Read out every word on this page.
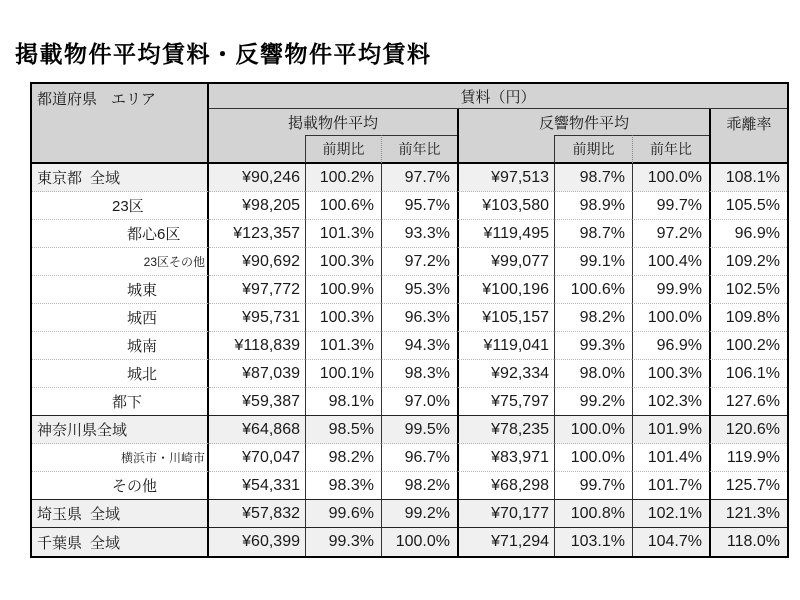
掲載物件平均賃料・反響物件平均賃料
都道府県 エリア	賃料（円）
掲載物件平均	反響物件平均	乖離率
前期比	前年比	前期比	前年比
東京都 全域	¥90,246	100.2%	97.7%	¥97,513	98.7%	100.0%	108.1%
23区	¥98,205	100.6%	95.7%	¥103,580	98.9%	99.7%	105.5%
都心6区	¥123,357	101.3%	93.3%	¥119,495	98.7%	97.2%	96.9%
23区その他	¥90,692	100.3%	97.2%	¥99,077	99.1%	100.4%	109.2%
城東	¥97,772	100.9%	95.3%	¥100,196	100.6%	99.9%	102.5%
城西	¥95,731	100.3%	96.3%	¥105,157	98.2%	100.0%	109.8%
城南	¥118,839	101.3%	94.3%	¥119,041	99.3%	96.9%	100.2%
城北	¥87,039	100.1%	98.3%	¥92,334	98.0%	100.3%	106.1%
都下	¥59,387	98.1%	97.0%	¥75,797	99.2%	102.3%	127.6%
神奈川県 全域	¥64,868	98.5%	99.5%	¥78,235	100.0%	101.9%	120.6%
横浜市・川崎市	¥70,047	98.2%	96.7%	¥83,971	100.0%	101.4%	119.9%
その他	¥54,331	98.3%	98.2%	¥68,298	99.7%	101.7%	125.7%
埼玉県 全域	¥57,832	99.6%	99.2%	¥70,177	100.8%	102.1%	121.3%
千葉県 全域	¥60,399	99.3%	100.0%	¥71,294	103.1%	104.7%	118.0%
